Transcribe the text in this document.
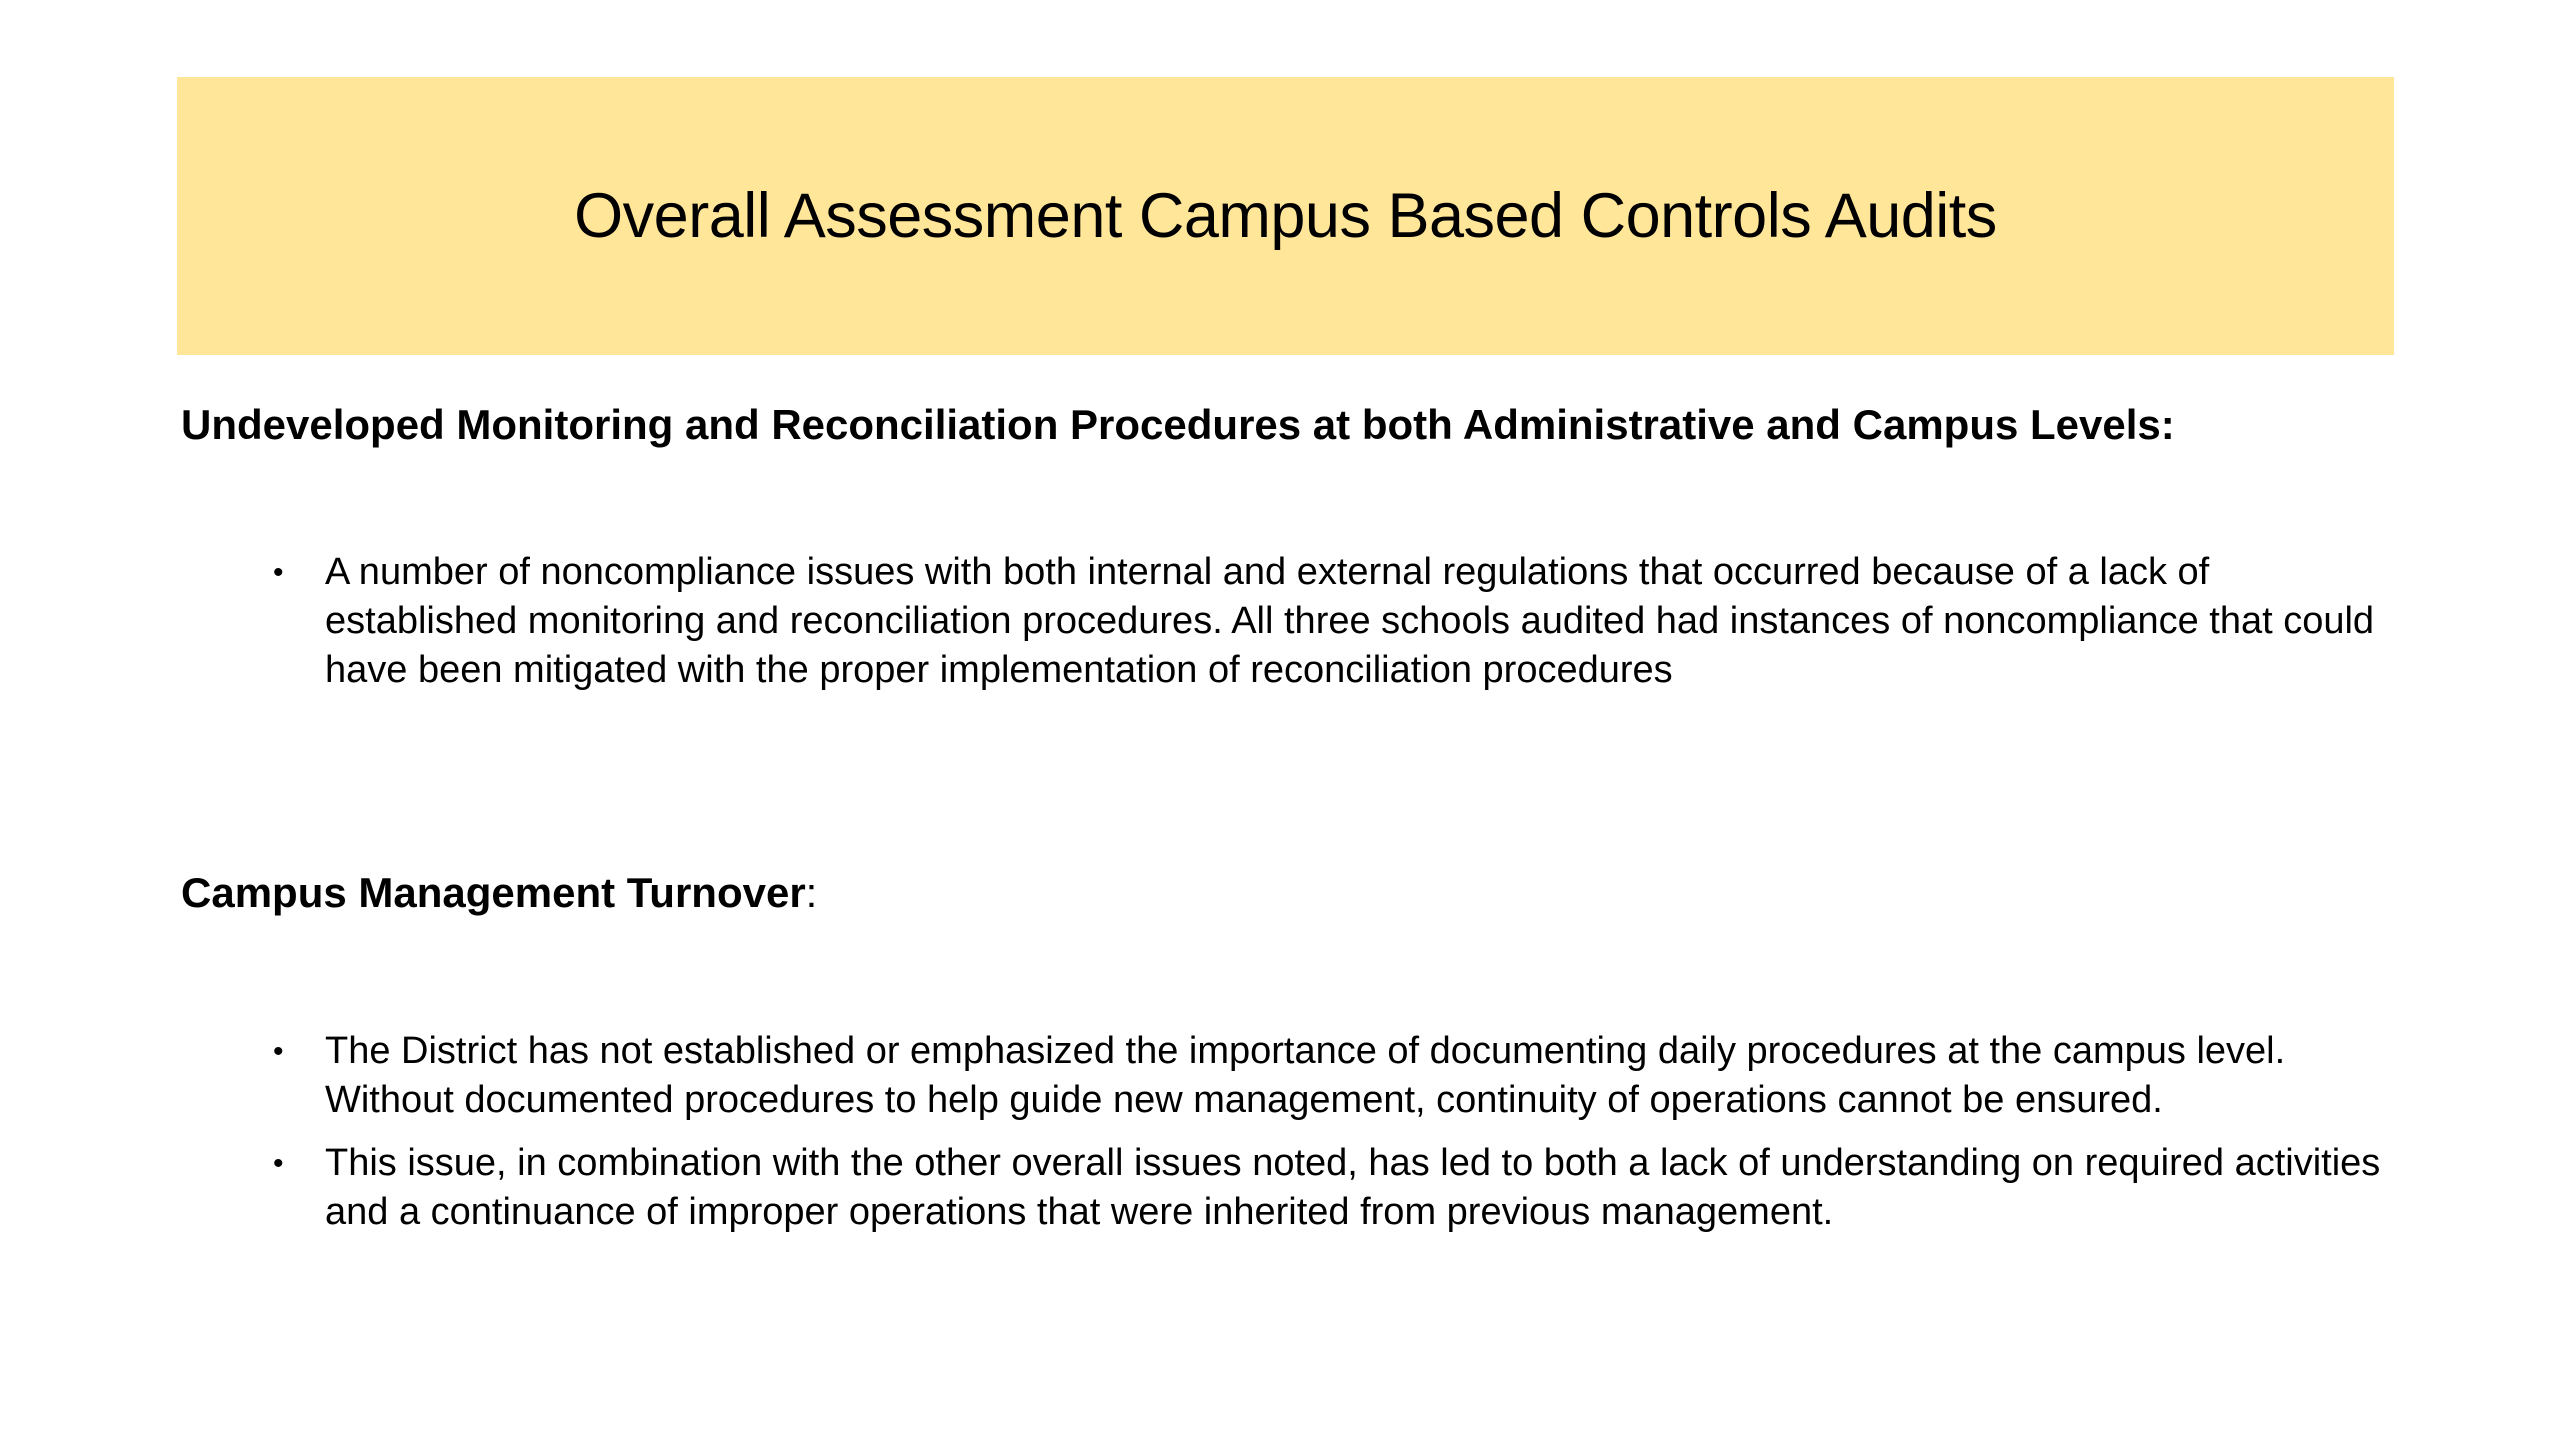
Overall Assessment Campus Based Controls Audits

Undeveloped Monitoring and Reconciliation Procedures at both Administrative and Campus Levels:

• A number of noncompliance issues with both internal and external regulations that occurred because of a lack of established monitoring and reconciliation procedures. All three schools audited had instances of noncompliance that could have been mitigated with the proper implementation of reconciliation procedures

Campus Management Turnover:

• The District has not established or emphasized the importance of documenting daily procedures at the campus level. Without documented procedures to help guide new management, continuity of operations cannot be ensured.
• This issue, in combination with the other overall issues noted, has led to both a lack of understanding on required activities and a continuance of improper operations that were inherited from previous management.
